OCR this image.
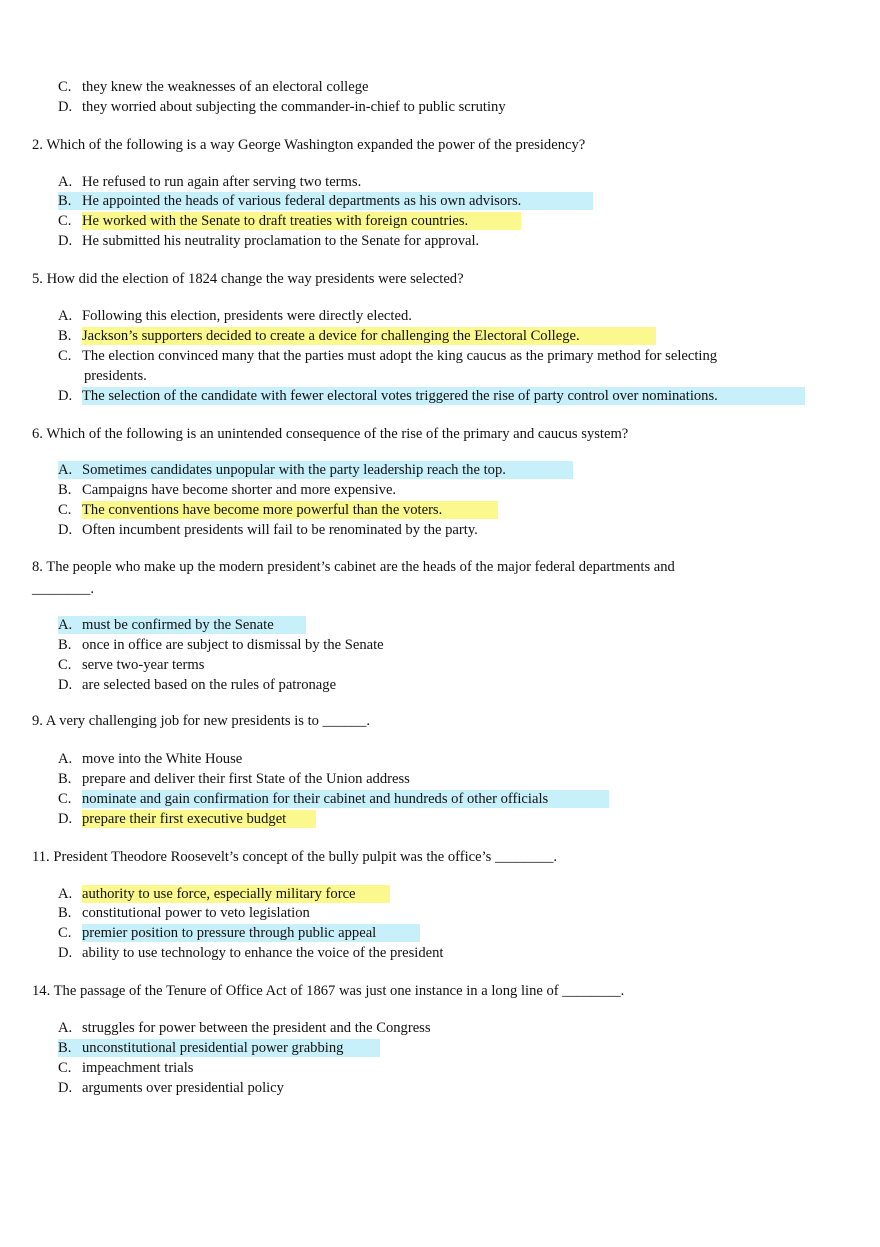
C. they knew the weaknesses of an electoral college
D. they worried about subjecting the commander-in-chief to public scrutiny
2. Which of the following is a way George Washington expanded the power of the presidency?
A. He refused to run again after serving two terms.
B. He appointed the heads of various federal departments as his own advisors.
C. He worked with the Senate to draft treaties with foreign countries.
D. He submitted his neutrality proclamation to the Senate for approval.
5. How did the election of 1824 change the way presidents were selected?
A. Following this election, presidents were directly elected.
B. Jackson’s supporters decided to create a device for challenging the Electoral College.
C. The election convinced many that the parties must adopt the king caucus as the primary method for selecting
presidents.
D. The selection of the candidate with fewer electoral votes triggered the rise of party control over nominations.
6. Which of the following is an unintended consequence of the rise of the primary and caucus system?
A. Sometimes candidates unpopular with the party leadership reach the top.
B. Campaigns have become shorter and more expensive.
C. The conventions have become more powerful than the voters.
D. Often incumbent presidents will fail to be renominated by the party.
8. The people who make up the modern president’s cabinet are the heads of the major federal departments and
________.
A. must be confirmed by the Senate
B. once in office are subject to dismissal by the Senate
C. serve two-year terms
D. are selected based on the rules of patronage
9. A very challenging job for new presidents is to ______.
A. move into the White House
B. prepare and deliver their first State of the Union address
C. nominate and gain confirmation for their cabinet and hundreds of other officials
D. prepare their first executive budget
11. President Theodore Roosevelt’s concept of the bully pulpit was the office’s ________.
A. authority to use force, especially military force
B. constitutional power to veto legislation
C. premier position to pressure through public appeal
D. ability to use technology to enhance the voice of the president
14. The passage of the Tenure of Office Act of 1867 was just one instance in a long line of ________.
A. struggles for power between the president and the Congress
B. unconstitutional presidential power grabbing
C. impeachment trials
D. arguments over presidential policy
